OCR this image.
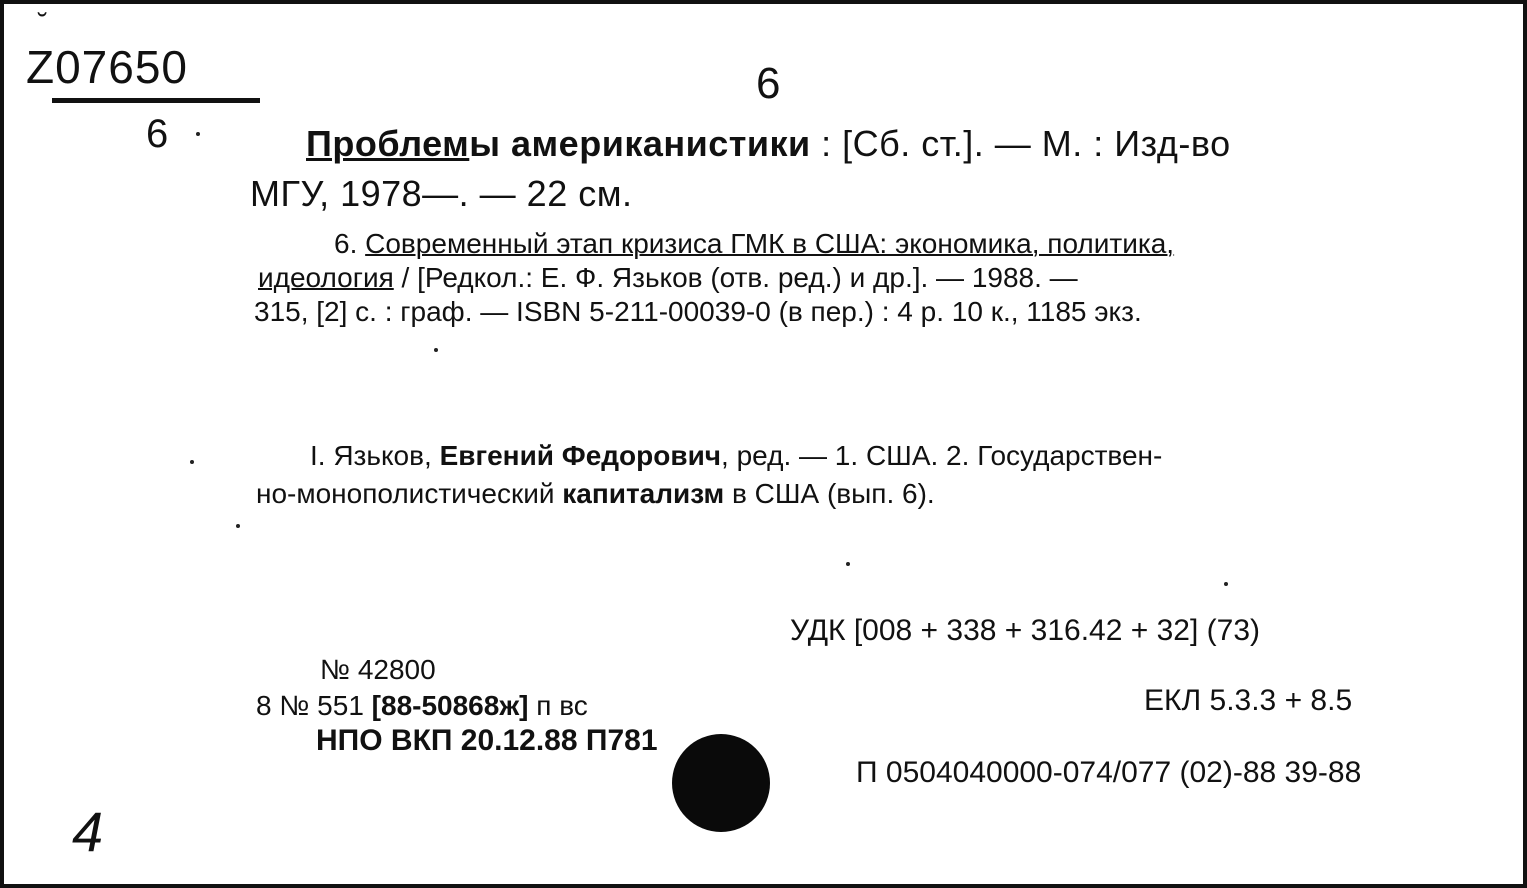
˘
Z07650
6
6
Проблемы американистики : [Сб. ст.]. — М. : Изд-во
МГУ, 1978—. — 22 см.
6. Современный этап кризиса ГМК в США: экономика, политика,
идеология / [Редкол.: Е. Ф. Язьков (отв. ред.) и др.]. — 1988. —
315, [2] с. : граф. — ISBN 5-211-00039-0 (в пер.) : 4 р. 10 к., 1185 экз.
I. Язьков, Евгений Федорович, ред. — 1. США. 2. Государствен-
но-монополистический капитализм в США (вып. 6).
УДК [008 + 338 + 316.42 + 32] (73)
ЕКЛ 5.3.3 + 8.5
П 0504040000-074/077 (02)-88 39-88
№ 42800
8 № 551 [88-50868ж] п вс
НПО ВКП 20.12.88 П781
4
